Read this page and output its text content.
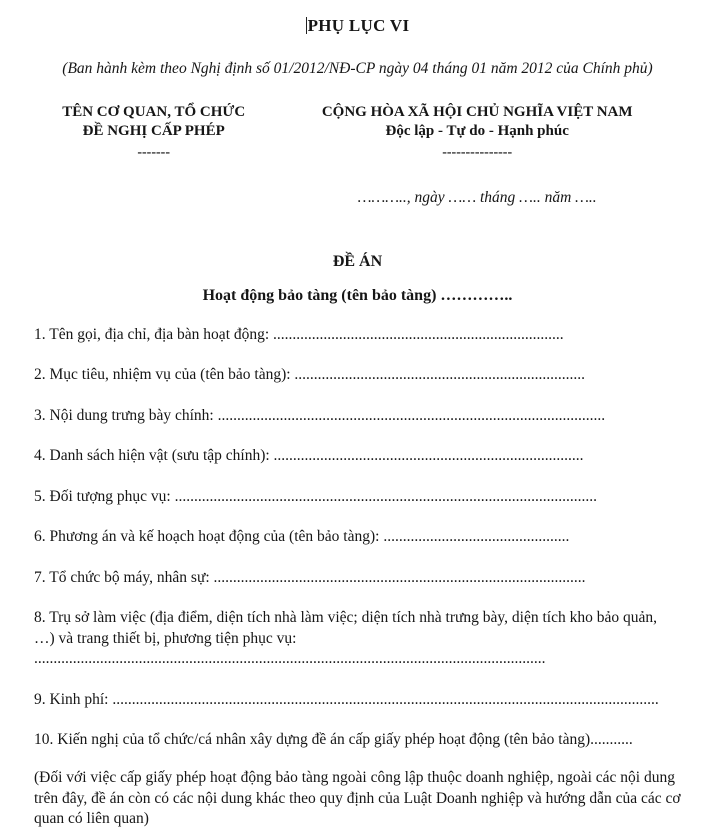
PHỤ LỤC VI

(Ban hành kèm theo Nghị định số 01/2012/NĐ-CP ngày 04 tháng 01 năm 2012 của Chính phủ)

TÊN CƠ QUAN, TỔ CHỨC
ĐỀ NGHỊ CẤP PHÉP
-------
CỘNG HÒA XÃ HỘI CHỦ NGHĨA VIỆT NAM
Độc lập - Tự do - Hạnh phúc
---------------
……….., ngày …… tháng ….. năm …..
ĐỀ ÁN
Hoạt động bảo tàng (tên bảo tàng) …………..

1. Tên gọi, địa chỉ, địa bàn hoạt động: ...........................................................................

2. Mục tiêu, nhiệm vụ của (tên bảo tàng): ...........................................................................

3. Nội dung trưng bày chính: ....................................................................................................

4. Danh sách hiện vật (sưu tập chính): ................................................................................

5. Đối tượng phục vụ: .............................................................................................................

6. Phương án và kế hoạch hoạt động của (tên bảo tàng): ................................................

7. Tổ chức bộ máy, nhân sự: ................................................................................................

8. Trụ sở làm việc (địa điểm, diện tích nhà làm việc; diện tích nhà trưng bày, diện tích kho bảo quản, …) và trang thiết bị, phương tiện phục vụ:
....................................................................................................................................

9. Kinh phí: .............................................................................................................................................

10. Kiến nghị của tổ chức/cá nhân xây dựng đề án cấp giấy phép hoạt động (tên bảo tàng)...........

(Đối với việc cấp giấy phép hoạt động bảo tàng ngoài công lập thuộc doanh nghiệp, ngoài các nội dung trên đây, đề án còn có các nội dung khác theo quy định của Luật Doanh nghiệp và hướng dẫn của các cơ quan có liên quan)
